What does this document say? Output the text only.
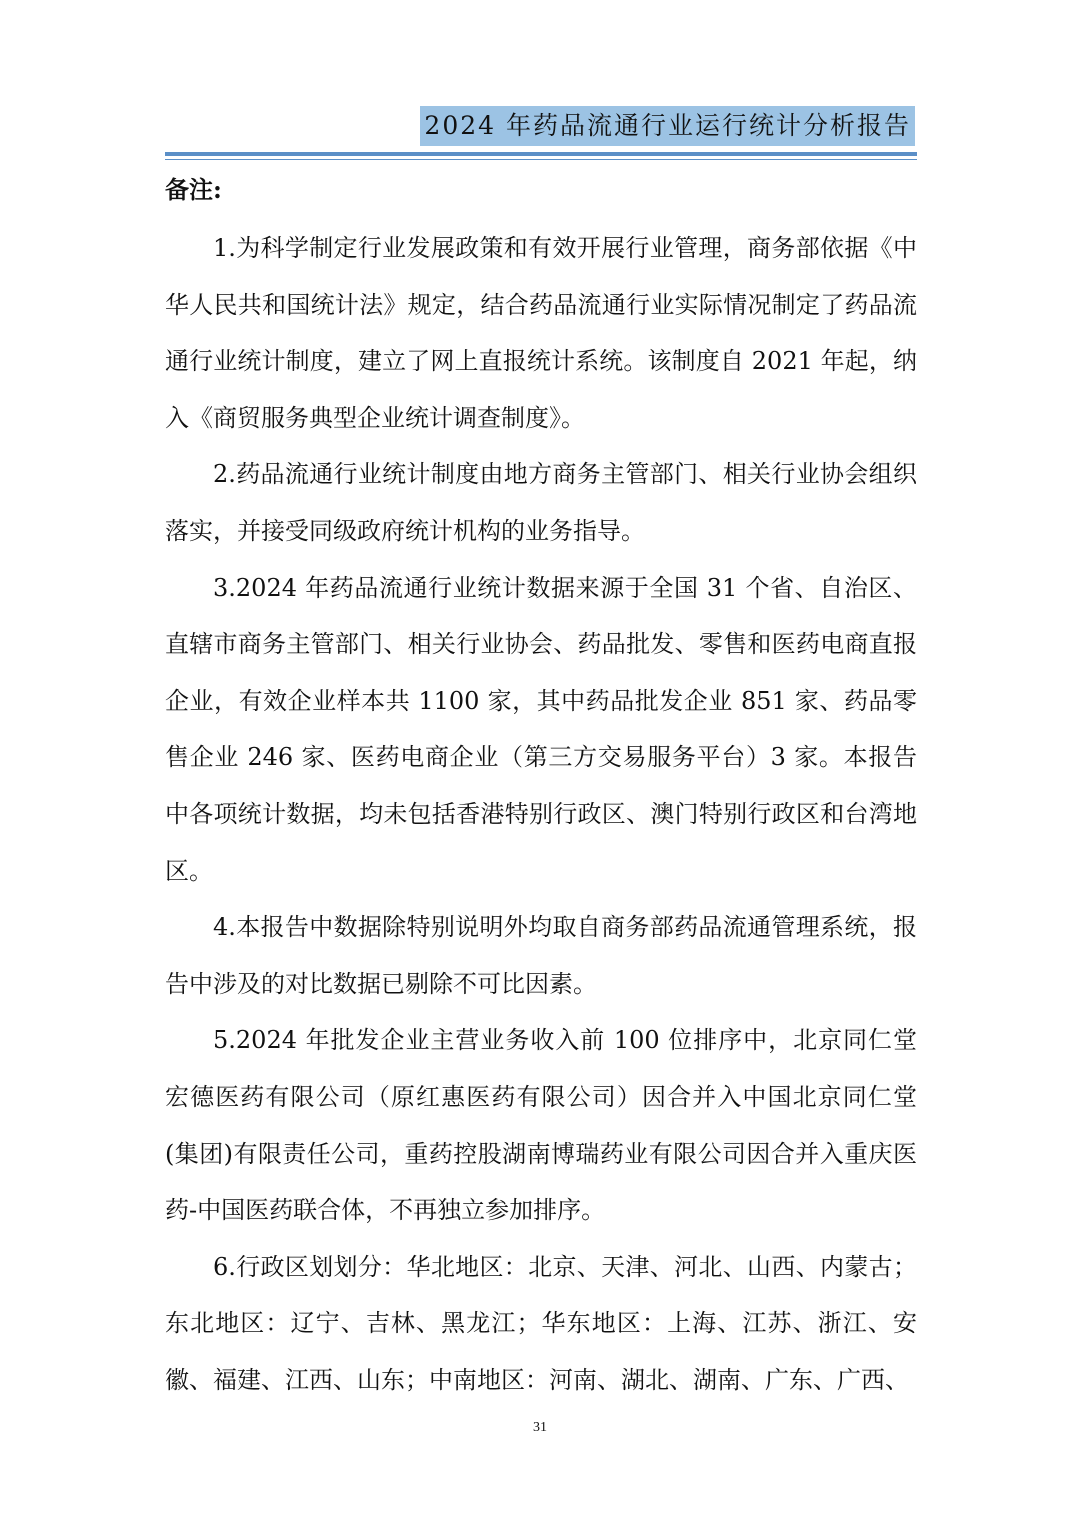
2024 年药品流通行业运行统计分析报告
备注:

1.为科学制定行业发展政策和有效开展行业管理，商务部依据《中华人民共和国统计法》规定，结合药品流通行业实际情况制定了药品流通行业统计制度，建立了网上直报统计系统。该制度自 2021 年起，纳入《商贸服务典型企业统计调查制度》。

2.药品流通行业统计制度由地方商务主管部门、相关行业协会组织落实，并接受同级政府统计机构的业务指导。

3.2024 年药品流通行业统计数据来源于全国 31 个省、自治区、直辖市商务主管部门、相关行业协会、药品批发、零售和医药电商直报企业，有效企业样本共 1100 家，其中药品批发企业 851 家、药品零售企业 246 家、医药电商企业（第三方交易服务平台）3 家。本报告中各项统计数据，均未包括香港特别行政区、澳门特别行政区和台湾地区。

4.本报告中数据除特别说明外均取自商务部药品流通管理系统，报告中涉及的对比数据已剔除不可比因素。

5.2024 年批发企业主营业务收入前 100 位排序中，北京同仁堂宏德医药有限公司（原红惠医药有限公司）因合并入中国北京同仁堂(集团)有限责任公司，重药控股湖南博瑞药业有限公司因合并入重庆医药-中国医药联合体，不再独立参加排序。

6.行政区划划分：华北地区：北京、天津、河北、山西、内蒙古；东北地区：辽宁、吉林、黑龙江；华东地区：上海、江苏、浙江、安徽、福建、江西、山东；中南地区：河南、湖北、湖南、广东、广西、

31
